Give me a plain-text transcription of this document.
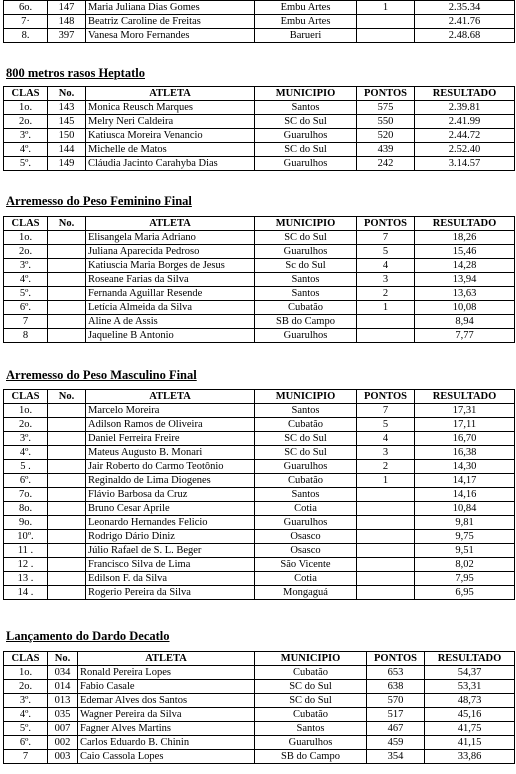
6o.	147	Maria Juliana Dias Gomes	Embu Artes	1	2.35.34
7·	148	Beatriz Caroline de Freitas	Embu Artes		2.41.76
8.	397	Vanesa Moro Fernandes	Barueri		2.48.68
800 metros rasos Heptatlo
CLAS	No.	ATLETA	MUNICIPIO	PONTOS	RESULTADO
1o.	143	Monica Reusch Marques	Santos	575	2.39.81
2o.	145	Melry Neri Caldeira	SC do Sul	550	2.41.99
3º.	150	Katiusca Moreira Venancio	Guarulhos	520	2.44.72
4º.	144	Michelle de Matos	SC do Sul	439	2.52.40
5º.	149	Cláudia Jacinto Carahyba Dias	Guarulhos	242	3.14.57
Arremesso do Peso Feminino Final
CLAS	No.	ATLETA	MUNICIPIO	PONTOS	RESULTADO
1o.		Elisangela Maria Adriano	SC do Sul	7	18,26
2o.		Juliana Aparecida Pedroso	Guarulhos	5	15,46
3º.		Katiuscia Maria Borges de Jesus	Sc do Sul	4	14,28
4º.		Roseane Farias da Silva	Santos	3	13,94
5º.		Fernanda Aguillar Resende	Santos	2	13,63
6º.		Letícia Almeida da Silva	Cubatão	1	10,08
7		Aline A de Assis	SB do Campo		8,94
8		Jaqueline B Antonio	Guarulhos		7,77
Arremesso do Peso Masculino Final
CLAS	No.	ATLETA	MUNICIPIO	PONTOS	RESULTADO
1o.		Marcelo Moreira	Santos	7	17,31
2o.		Adilson Ramos de Oliveira	Cubatão	5	17,11
3º.		Daniel Ferreira Freire	SC do Sul	4	16,70
4º.		Mateus Augusto B. Monari	SC do Sul	3	16,38
5 .		Jair Roberto do Carmo Teotônio	Guarulhos	2	14,30
6º.		Reginaldo de Lima Diogenes	Cubatão	1	14,17
7o.		Flávio Barbosa da Cruz	Santos		14,16
8o.		Bruno Cesar Aprile	Cotia		10,84
9o.		Leonardo Hernandes Felicio	Guarulhos		9,81
10º.		Rodrigo Dário Diniz	Osasco		9,75
11 .		Júlio Rafael de S. L. Beger	Osasco		9,51
12 .		Francisco Silva de Lima	São Vicente		8,02
13 .		Edilson F. da Silva	Cotia		7,95
14 .		Rogerio Pereira da Silva	Mongaguá		6,95
Lançamento do Dardo Decatlo
CLAS	No.	ATLETA	MUNICIPIO	PONTOS	RESULTADO
1o.	034	Ronald Pereira Lopes	Cubatão	653	54,37
2o.	014	Fabio Casale	SC do Sul	638	53,31
3º.	013	Edemar Alves dos Santos	SC do Sul	570	48,73
4º.	035	Wagner Pereira da Silva	Cubatão	517	45,16
5º.	007	Fagner Alves Martins	Santos	467	41,75
6º.	002	Carlos Eduardo B. Chinin	Guarulhos	459	41,15
7	003	Caio Cassola Lopes	SB do Campo	354	33,86
